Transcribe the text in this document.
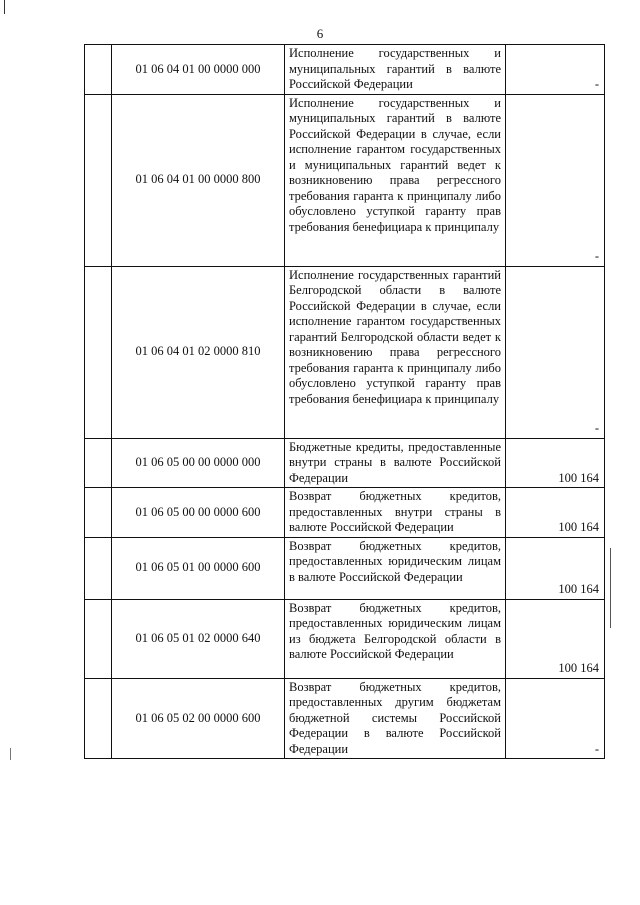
6
	01 06 04 01 00 0000 000	Исполнение государственных и муниципальных гарантий в валюте Российской Федерации	-
	01 06 04 01 00 0000 800	Исполнение государственных и муниципальных гарантий в валюте Российской Федерации в случае, если исполнение гарантом государственных и муниципальных гарантий ведет к возникновению права регрессного требования гаранта к принципалу либо обусловлено уступкой гаранту прав требования бенефициара к принципалу	-
	01 06 04 01 02 0000 810	Исполнение государственных гарантий Белгородской области в валюте Российской Федерации в случае, если исполнение гарантом государственных гарантий Белгородской области ведет к возникновению права регрессного требования гаранта к принципалу либо обусловлено уступкой гаранту прав требования бенефициара к принципалу	-
	01 06 05 00 00 0000 000	Бюджетные кредиты, предоставленные внутри страны в валюте Российской Федерации	100 164
	01 06 05 00 00 0000 600	Возврат бюджетных кредитов, предоставленных внутри страны в валюте Российской Федерации	100 164
	01 06 05 01 00 0000 600	Возврат бюджетных кредитов, предоставленных юридическим лицам в валюте Российской Федерации	100 164
	01 06 05 01 02 0000 640	Возврат бюджетных кредитов, предоставленных юридическим лицам из бюджета Белгородской области в валюте Российской Федерации	100 164
	01 06 05 02 00 0000 600	Возврат бюджетных кредитов, предоставленных другим бюджетам бюджетной системы Российской Федерации в валюте Российской Федерации	-
